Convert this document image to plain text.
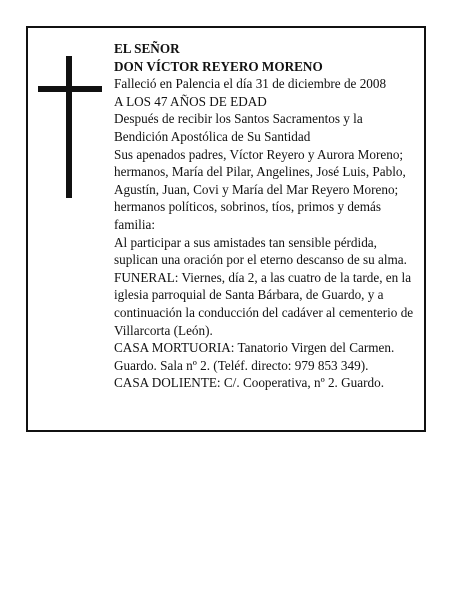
EL SEÑOR

DON VÍCTOR REYERO MORENO

Falleció en Palencia el día 31 de diciembre de 2008

A LOS 47 AÑOS DE EDAD

Después de recibir los Santos Sacramentos y la Bendición Apostólica de Su Santidad

Sus apenados padres, Víctor Reyero y Aurora Moreno; hermanos, María del Pilar, Angelines, José Luis, Pablo, Agustín, Juan, Covi y María del Mar Reyero Moreno; hermanos políticos, sobrinos, tíos, primos y demás familia:

Al participar a sus amistades tan sensible pérdida, suplican una oración por el eterno descanso de su alma.

FUNERAL: Viernes, día 2, a las cuatro de la tarde, en la iglesia parroquial de Santa Bárbara, de Guardo, y a continuación la conducción del cadáver al cementerio de Villarcorta (León).

CASA MORTUORIA: Tanatorio Virgen del Carmen. Guardo. Sala nº 2. (Teléf. directo: 979 853 349).

CASA DOLIENTE: C/. Cooperativa, nº 2. Guardo.
